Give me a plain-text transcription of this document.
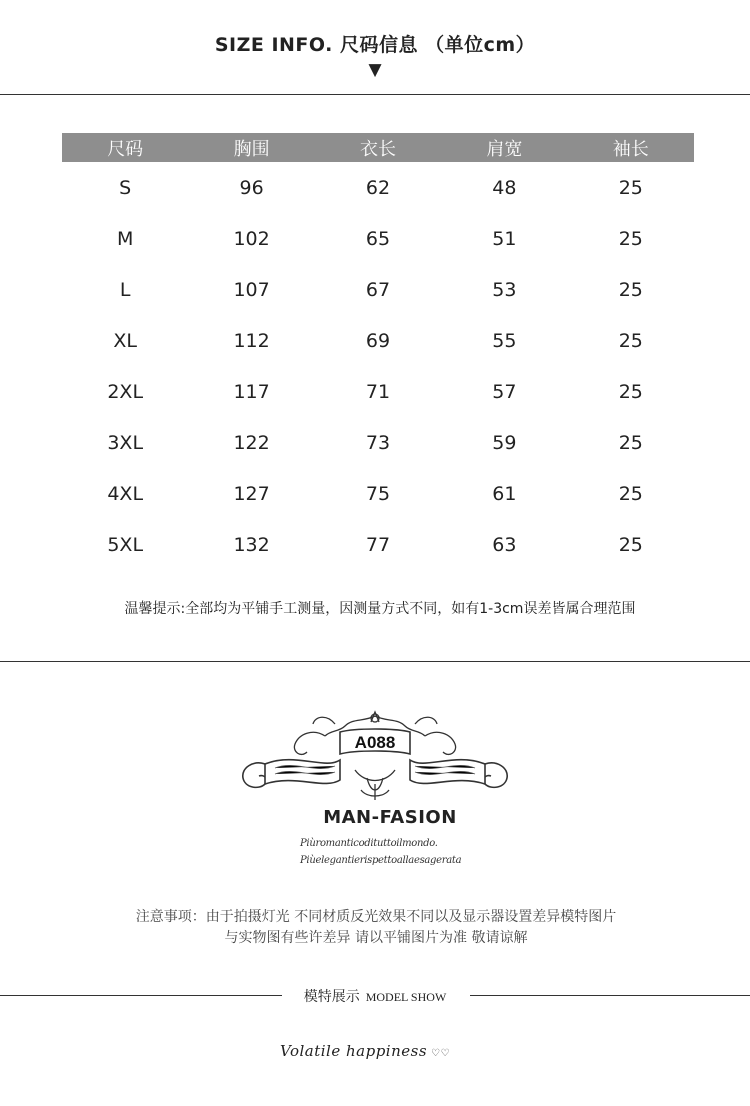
SIZE INFO. 尺码信息 （单位cm）
▼
尺码	胸围	衣长	肩宽	袖长
S	96	62	48	25
M	102	65	51	25
L	107	67	53	25
XL	112	69	55	25
2XL	117	71	57	25
3XL	122	73	59	25
4XL	127	75	61	25
5XL	132	77	63	25
温馨提示:全部均为平铺手工测量，因测量方式不同，如有1-3cm误差皆属合理范围
A088
MAN-FASION
Piùromanticodituttoilmondo.
Piùelegantierispettoallaesagerata
注意事项：由于拍摄灯光 不同材质反光效果不同以及显示器设置差异模特图片
与实物图有些许差异 请以平铺图片为准 敬请谅解
模特展示 MODEL SHOW
Volatile happiness ♡♡
